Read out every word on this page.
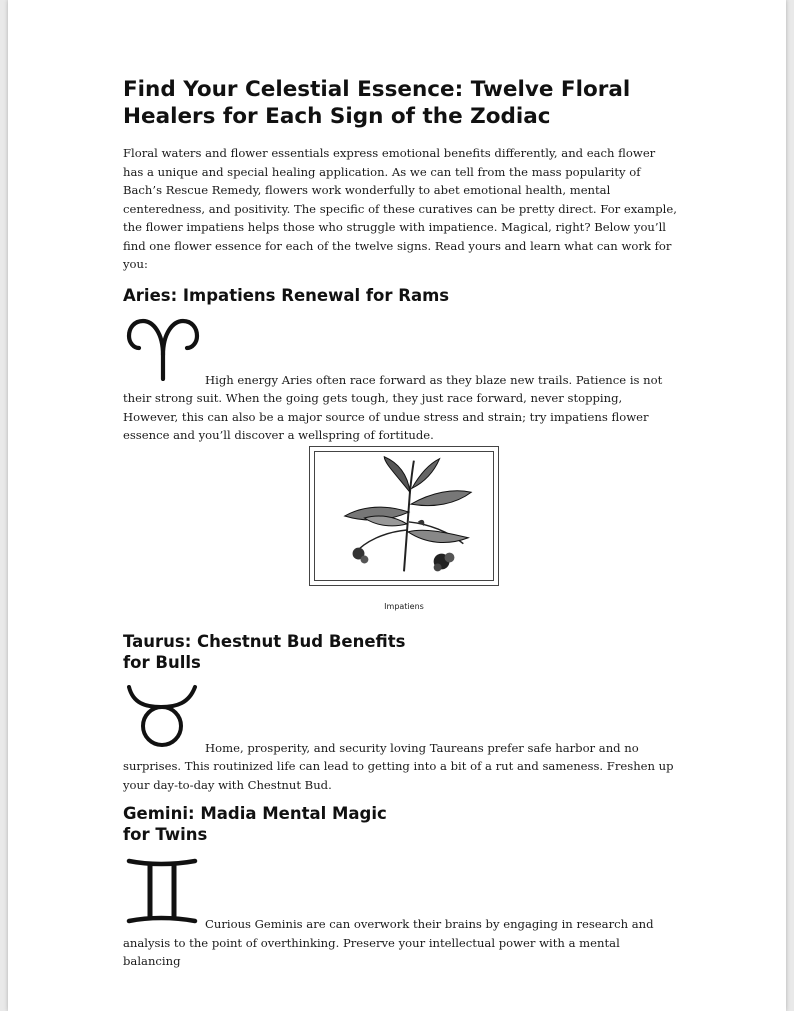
Find Your Celestial Essence: Twelve Floral Healers for Each Sign of the Zodiac

Floral waters and flower essentials express emotional benefits differently, and each flower has a unique and special healing application. As we can tell from the mass popularity of Bach’s Rescue Remedy, flowers work wonderfully to abet emotional health, mental centeredness, and positivity. The specific of these curatives can be pretty direct. For example, the flower impatiens helps those who struggle with impatience. Magical, right? Below you’ll find one flower essence for each of the twelve signs. Read yours and learn what can work for you:

Aries: Impatiens Renewal for Rams

High energy Aries often race forward as they blaze new trails. Patience is not

their strong suit. When the going gets tough, they just race forward, never stopping, However, this can also be a major source of undue stress and strain; try impatiens flower essence and you’ll discover a wellspring of fortitude.

Taurus: Chestnut Bud Benefits
for Bulls

Home, prosperity, and security loving Taureans prefer safe harbor and no

surprises. This routinized life can lead to getting into a bit of a rut and sameness. Freshen up your day-to-day with Chestnut Bud.

Gemini: Madia Mental Magic
for Twins

Curious Geminis are can overwork their brains by engaging in research and

analysis to the point of overthinking. Preserve your intellectual power with a mental balancing

Impatiens
